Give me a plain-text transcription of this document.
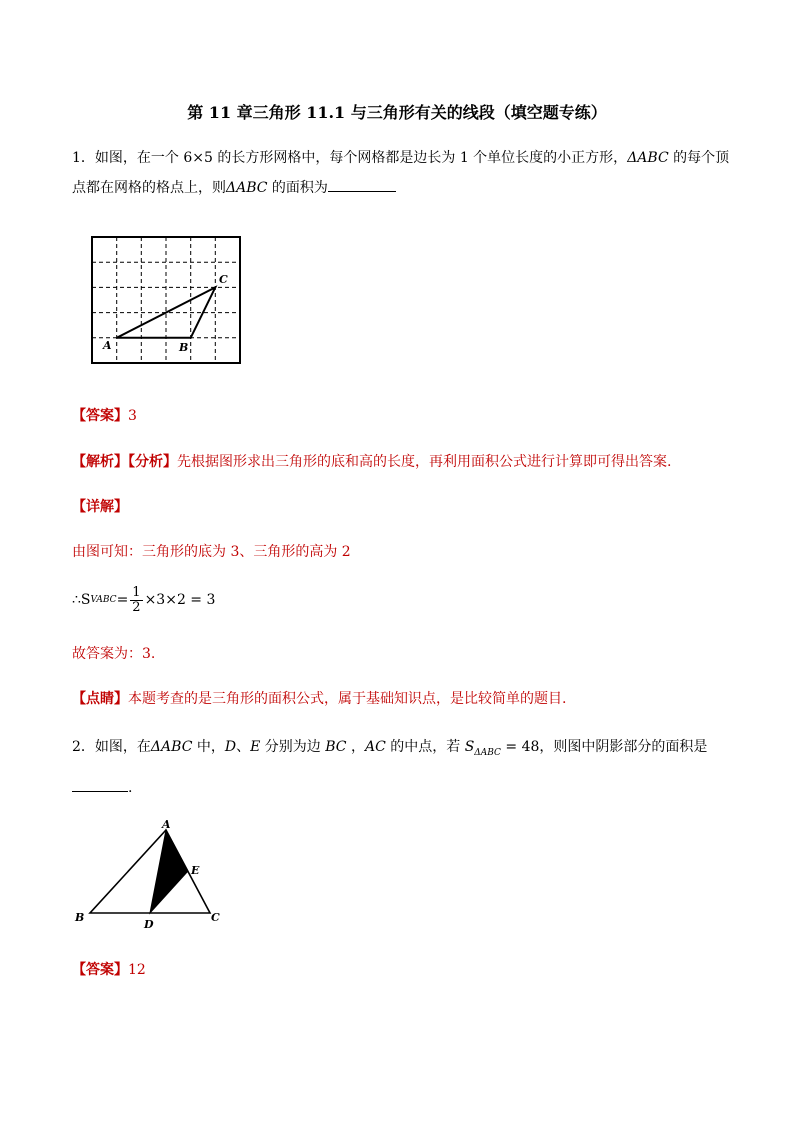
第 11 章三角形 11.1 与三角形有关的线段（填空题专练）
1．如图，在一个 6×5 的长方形网格中，每个网格都是边长为 1 个单位长度的小正方形，ΔABC 的每个顶
点都在网格的格点上，则ΔABC 的面积为
A	B
C
【答案】3
【解析】【分析】先根据图形求出三角形的底和高的长度，再利用面积公式进行计算即可得出答案.
【详解】
由图可知：三角形的底为 3、三角形的高为 2
∴S VABC = $\frac{1}{2} \times 3\times 2 = 3$
故答案为：3.
【点睛】本题考查的是三角形的面积公式，属于基础知识点，是比较简单的题目.
2．如图，在ΔABC 中，D、E 分别为边 BC ，AC 的中点，若 $S_{\Delta ABC} = 48$，则图中阴影部分的面积是
.
A
B	C
D
E
【答案】12
